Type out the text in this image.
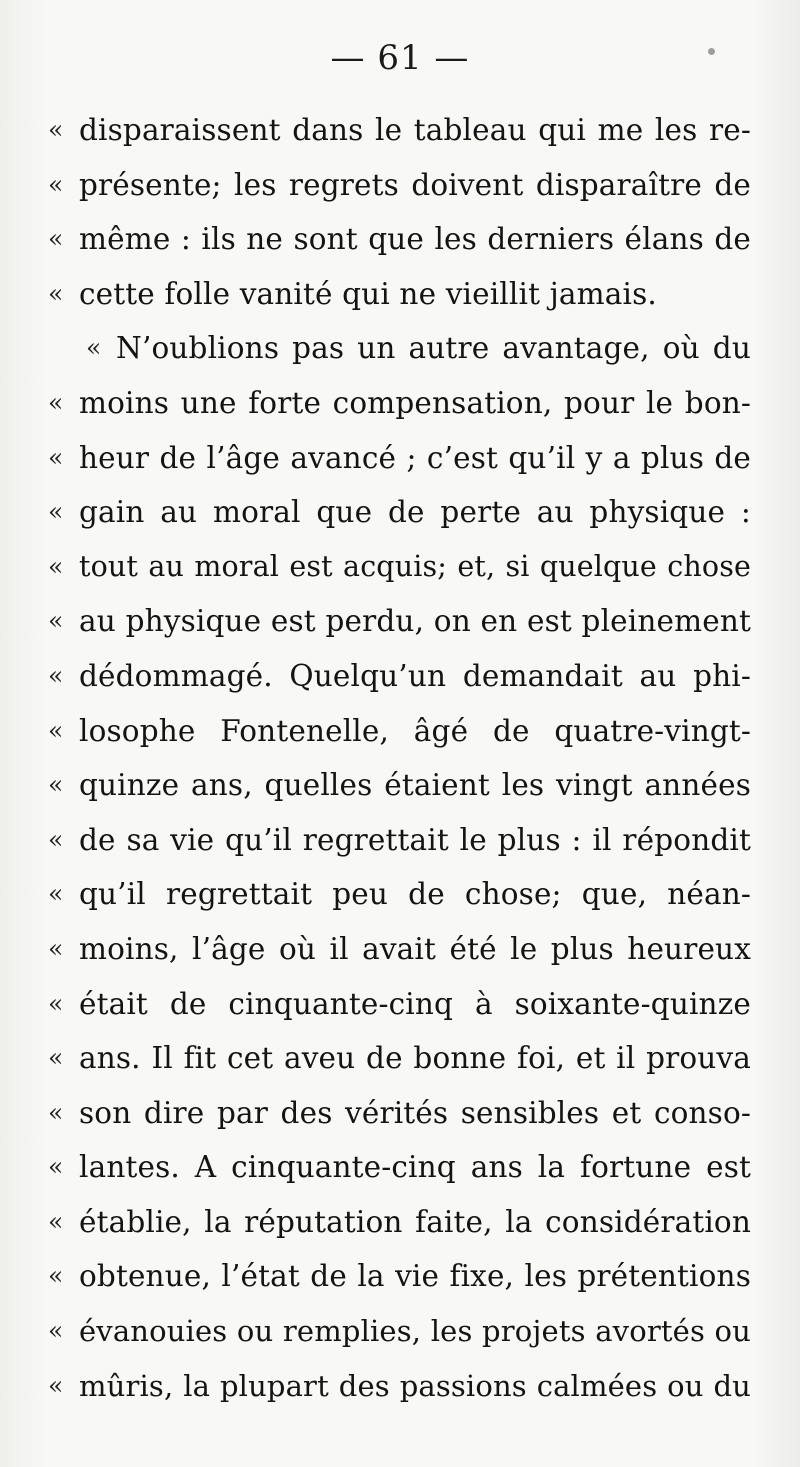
— 61 —
« disparaissent dans le tableau qui me les re-
« présente; les regrets doivent disparaître de
« même : ils ne sont que les derniers élans de
« cette folle vanité qui ne vieillit jamais.
« N’oublions pas un autre avantage, où du
« moins une forte compensation, pour le bon-
« heur de l’âge avancé ; c’est qu’il y a plus de
« gain au moral que de perte au physique :
« tout au moral est acquis; et, si quelque chose
« au physique est perdu, on en est pleinement
« dédommagé. Quelqu’un demandait au phi-
« losophe Fontenelle, âgé de quatre-vingt-
« quinze ans, quelles étaient les vingt années
« de sa vie qu’il regrettait le plus : il répondit
« qu’il regrettait peu de chose; que, néan-
« moins, l’âge où il avait été le plus heureux
« était de cinquante-cinq à soixante-quinze
« ans. Il fit cet aveu de bonne foi, et il prouva
« son dire par des vérités sensibles et conso-
« lantes. A cinquante-cinq ans la fortune est
« établie, la réputation faite, la considération
« obtenue, l’état de la vie fixe, les prétentions
« évanouies ou remplies, les projets avortés ou
« mûris, la plupart des passions calmées ou du
